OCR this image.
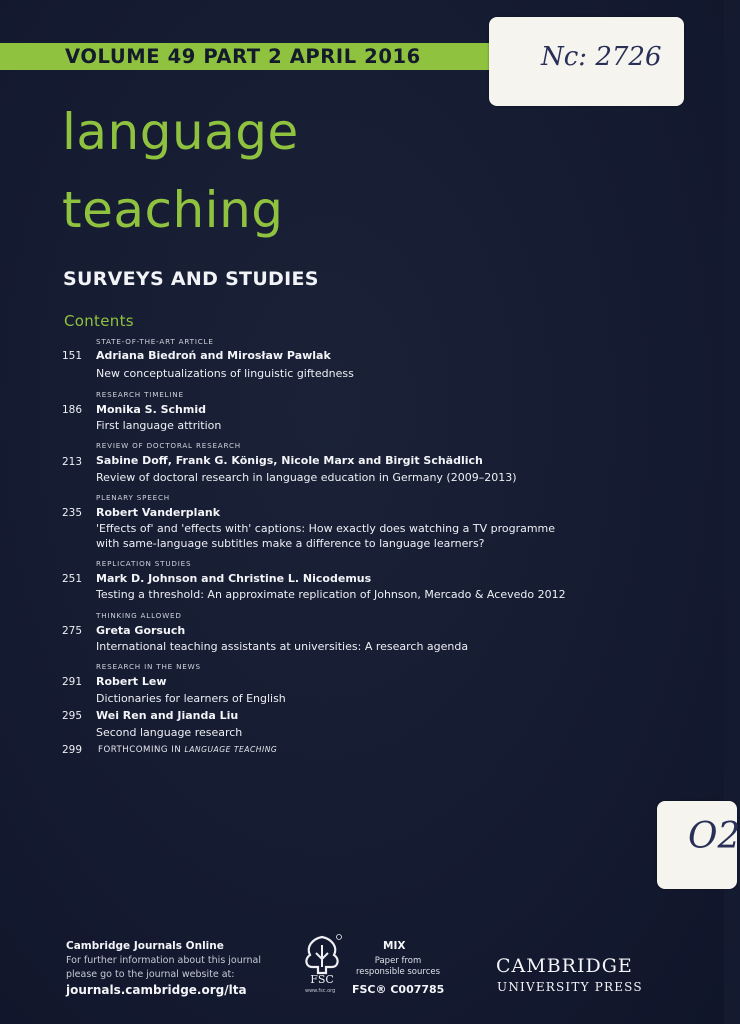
VOLUME 49 PART 2 APRIL 2016	Nc: 2726
O2
language
teaching
SURVEYS AND STUDIES
Contents
STATE-OF-THE-ART ARTICLE
151 Adriana Biedroń and Mirosław Pawlak
New conceptualizations of linguistic giftedness
RESEARCH TIMELINE
186 Monika S. Schmid
First language attrition
REVIEW OF DOCTORAL RESEARCH
213 Sabine Doff, Frank G. Königs, Nicole Marx and Birgit Schädlich
Review of doctoral research in language education in Germany (2009–2013)
PLENARY SPEECH
235 Robert Vanderplank
'Effects of' and 'effects with' captions: How exactly does watching a TV programme
with same-language subtitles make a difference to language learners?
REPLICATION STUDIES
251 Mark D. Johnson and Christine L. Nicodemus
Testing a threshold: An approximate replication of Johnson, Mercado & Acevedo 2012
THINKING ALLOWED
275 Greta Gorsuch
International teaching assistants at universities: A research agenda
RESEARCH IN THE NEWS
291 Robert Lew
Dictionaries for learners of English
295 Wei Ren and Jianda Liu
Second language research
299 FORTHCOMING IN LANGUAGE TEACHING
Cambridge Journals Online
For further information about this journal
please go to the journal website at:
journals.cambridge.org/lta
FSC
www.fsc.org
MIX
Paper from
responsible sources
FSC® C007785
CAMBRIDGE
UNIVERSITY PRESS
